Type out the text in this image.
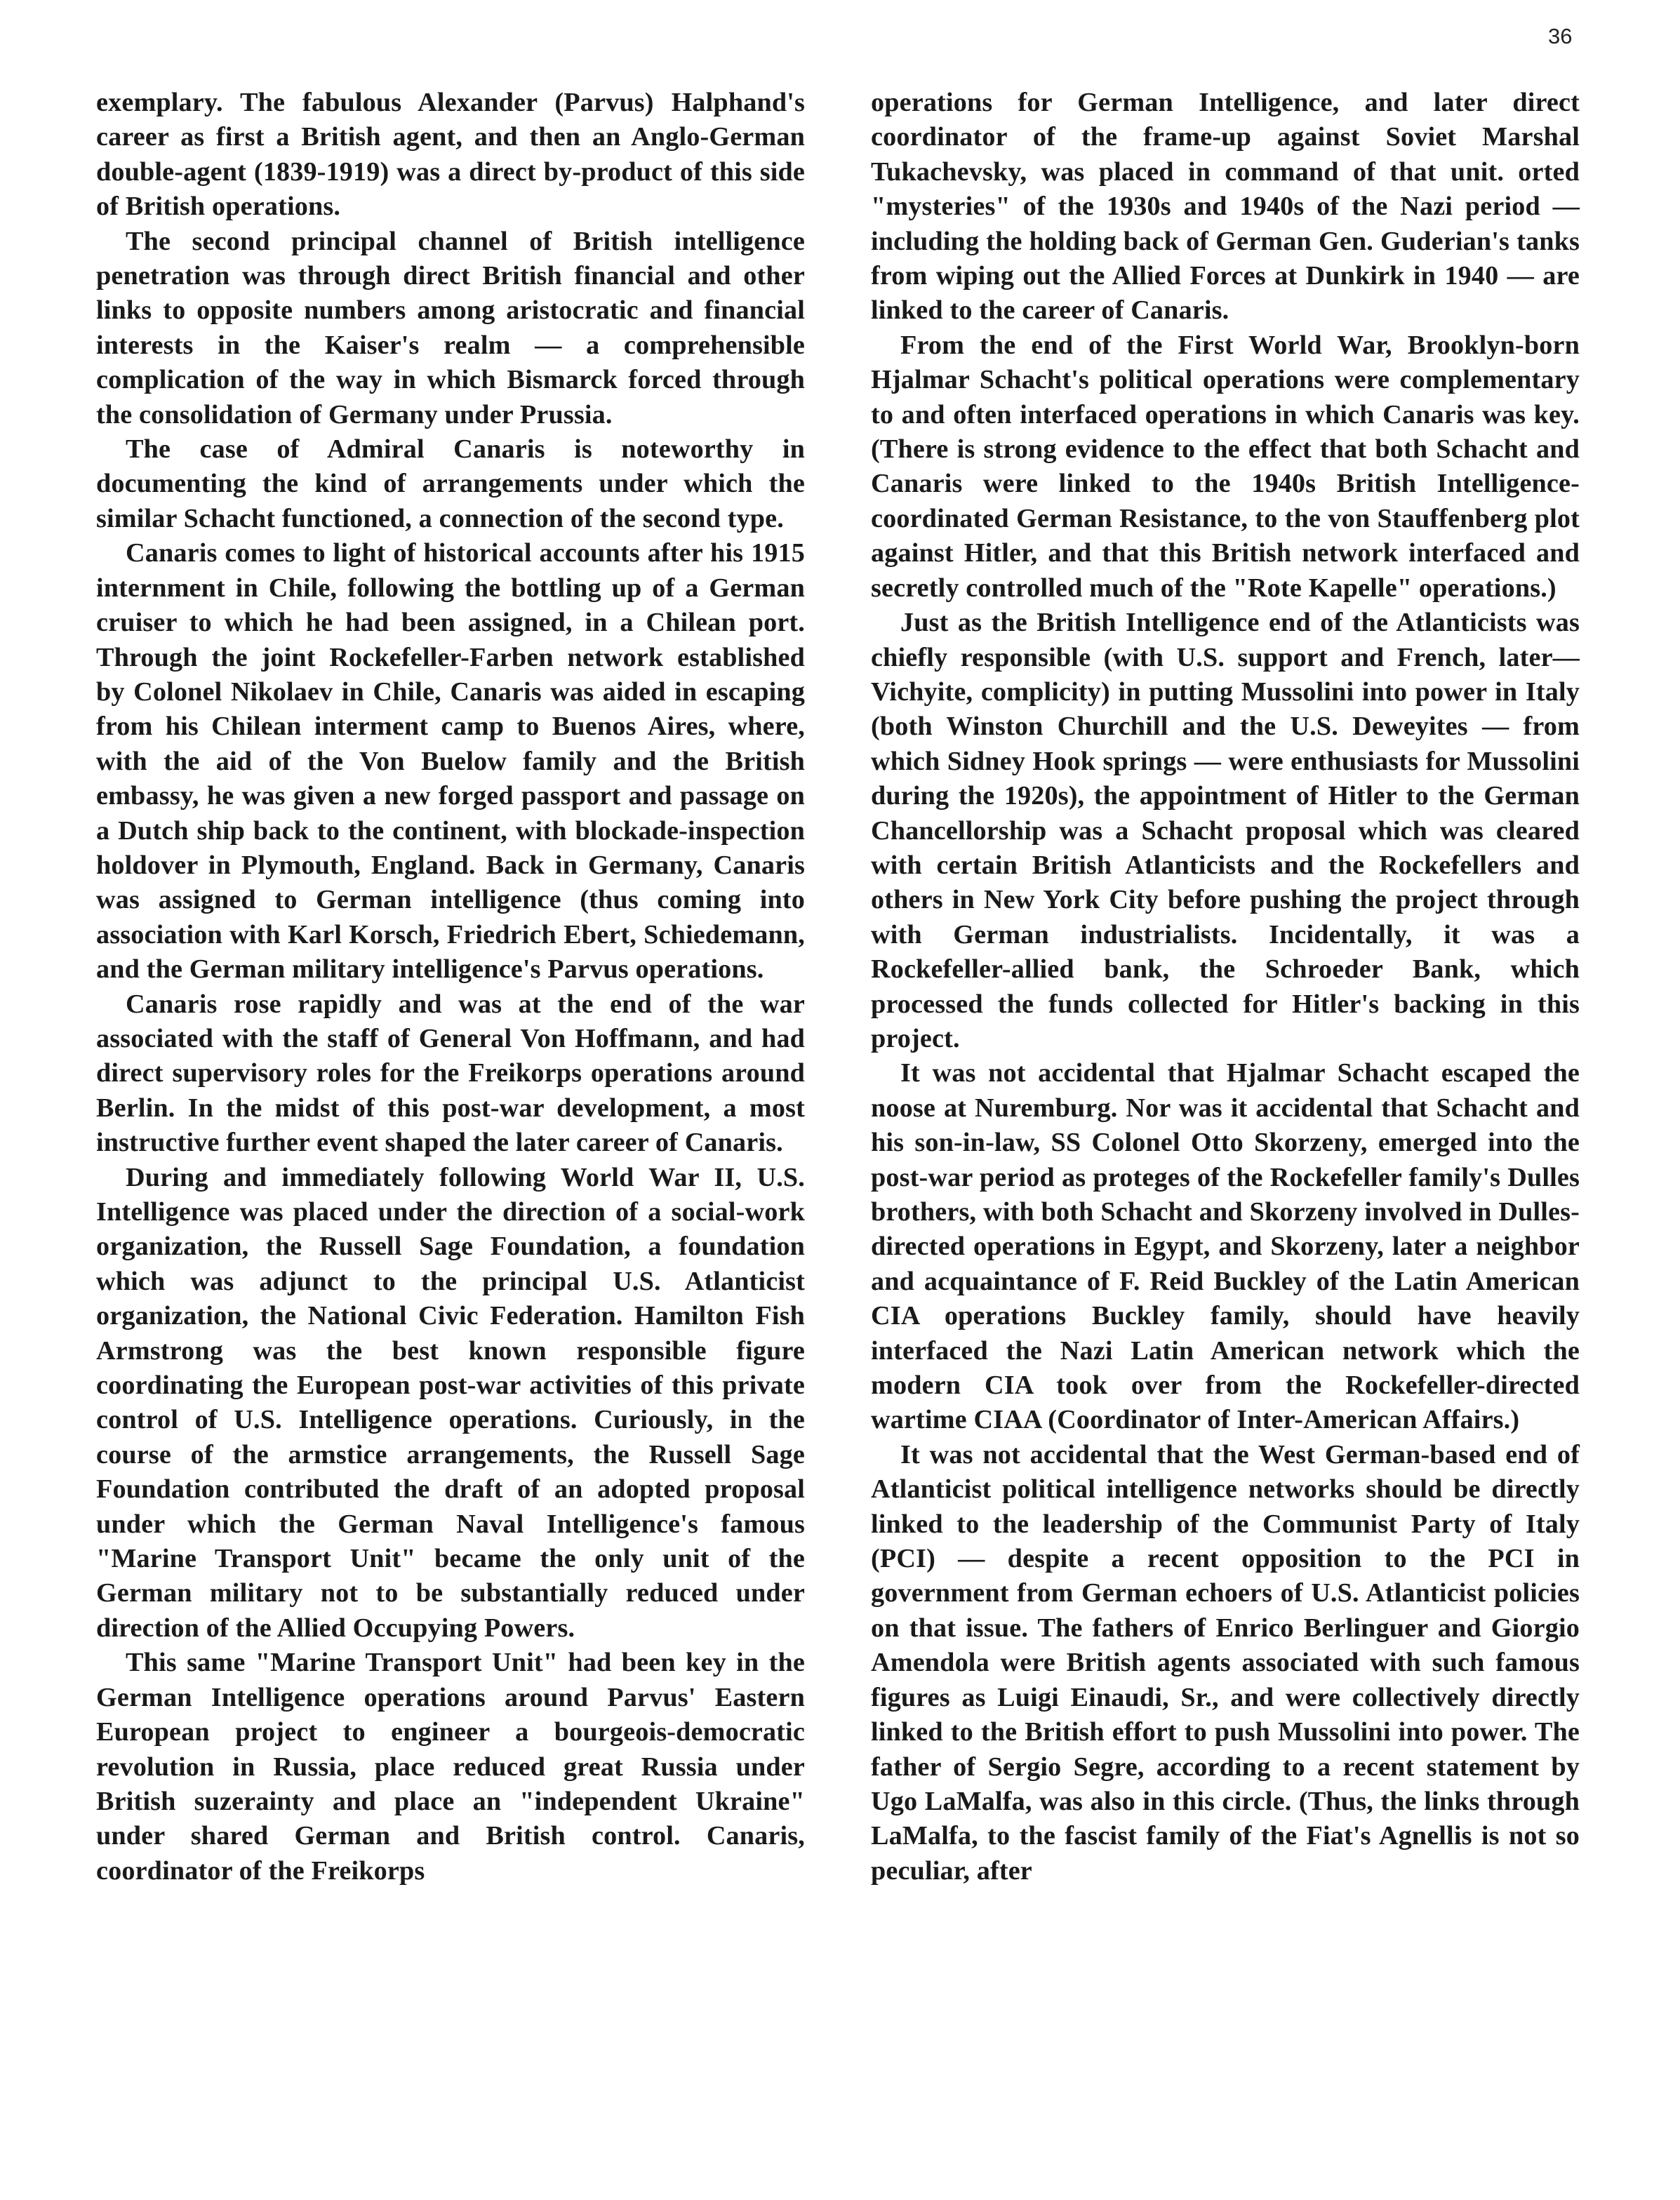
36

exemplary. The fabulous Alexander (Parvus) Halphand's career as first a British agent, and then an Anglo-German double-agent (1839-1919) was a direct by-product of this side of British operations.

The second principal channel of British intelligence penetration was through direct British financial and other links to opposite numbers among aristocratic and financial interests in the Kaiser's realm — a comprehensible complication of the way in which Bismarck forced through the consolidation of Germany under Prussia.

The case of Admiral Canaris is noteworthy in documenting the kind of arrangements under which the similar Schacht functioned, a connection of the second type.

Canaris comes to light of historical accounts after his 1915 internment in Chile, following the bottling up of a German cruiser to which he had been assigned, in a Chilean port. Through the joint Rockefeller-Farben network established by Colonel Nikolaev in Chile, Canaris was aided in escaping from his Chilean interment camp to Buenos Aires, where, with the aid of the Von Buelow family and the British embassy, he was given a new forged passport and passage on a Dutch ship back to the continent, with blockade-inspection holdover in Plymouth, England. Back in Germany, Canaris was assigned to German intelligence (thus coming into association with Karl Korsch, Friedrich Ebert, Schiedemann, and the German military intelligence's Parvus operations.

Canaris rose rapidly and was at the end of the war associated with the staff of General Von Hoffmann, and had direct supervisory roles for the Freikorps operations around Berlin. In the midst of this post-war development, a most instructive further event shaped the later career of Canaris.

During and immediately following World War II, U.S. Intelligence was placed under the direction of a social-work organization, the Russell Sage Foundation, a foundation which was adjunct to the principal U.S. Atlanticist organization, the National Civic Federation. Hamilton Fish Armstrong was the best known responsible figure coordinating the European post-war activities of this private control of U.S. Intelligence operations. Curiously, in the course of the armstice arrangements, the Russell Sage Foundation contributed the draft of an adopted proposal under which the German Naval Intelligence's famous "Marine Transport Unit" became the only unit of the German military not to be substantially reduced under direction of the Allied Occupying Powers.

This same "Marine Transport Unit" had been key in the German Intelligence operations around Parvus' Eastern European project to engineer a bourgeois-democratic revolution in Russia, place reduced great Russia under British suzerainty and place an "independent Ukraine" under shared German and British control. Canaris, coordinator of the Freikorps

operations for German Intelligence, and later direct coordinator of the frame-up against Soviet Marshal Tukachevsky, was placed in command of that unit. orted "mysteries" of the 1930s and 1940s of the Nazi period — including the holding back of German Gen. Guderian's tanks from wiping out the Allied Forces at Dunkirk in 1940 — are linked to the career of Canaris.

From the end of the First World War, Brooklyn-born Hjalmar Schacht's political operations were complementary to and often interfaced operations in which Canaris was key. (There is strong evidence to the effect that both Schacht and Canaris were linked to the 1940s British Intelligence-coordinated German Resistance, to the von Stauffenberg plot against Hitler, and that this British network interfaced and secretly controlled much of the "Rote Kapelle" operations.)

Just as the British Intelligence end of the Atlanticists was chiefly responsible (with U.S. support and French, later—Vichyite, complicity) in putting Mussolini into power in Italy (both Winston Churchill and the U.S. Deweyites — from which Sidney Hook springs — were enthusiasts for Mussolini during the 1920s), the appointment of Hitler to the German Chancellorship was a Schacht proposal which was cleared with certain British Atlanticists and the Rockefellers and others in New York City before pushing the project through with German industrialists. Incidentally, it was a Rockefeller-allied bank, the Schroeder Bank, which processed the funds collected for Hitler's backing in this project.

It was not accidental that Hjalmar Schacht escaped the noose at Nuremburg. Nor was it accidental that Schacht and his son-in-law, SS Colonel Otto Skorzeny, emerged into the post-war period as proteges of the Rockefeller family's Dulles brothers, with both Schacht and Skorzeny involved in Dulles-directed operations in Egypt, and Skorzeny, later a neighbor and acquaintance of F. Reid Buckley of the Latin American CIA operations Buckley family, should have heavily interfaced the Nazi Latin American network which the modern CIA took over from the Rockefeller-directed wartime CIAA (Coordinator of Inter-American Affairs.)

It was not accidental that the West German-based end of Atlanticist political intelligence networks should be directly linked to the leadership of the Communist Party of Italy (PCI) — despite a recent opposition to the PCI in government from German echoers of U.S. Atlanticist policies on that issue. The fathers of Enrico Berlinguer and Giorgio Amendola were British agents associated with such famous figures as Luigi Einaudi, Sr., and were collectively directly linked to the British effort to push Mussolini into power. The father of Sergio Segre, according to a recent statement by Ugo LaMalfa, was also in this circle. (Thus, the links through LaMalfa, to the fascist family of the Fiat's Agnellis is not so peculiar, after
